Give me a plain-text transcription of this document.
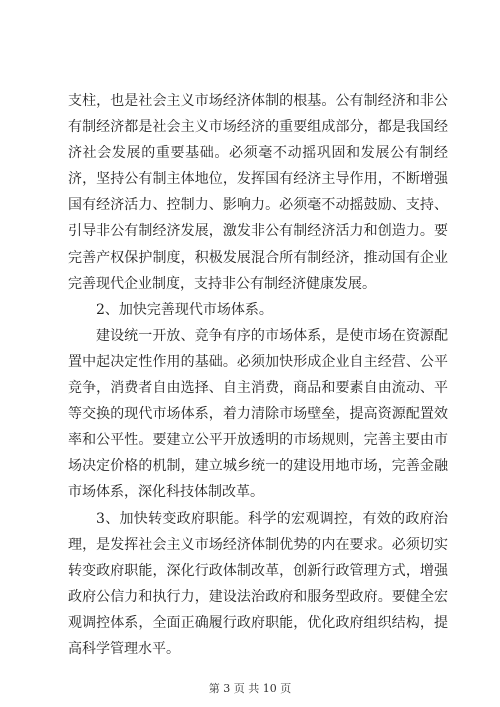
支柱，也是社会主义市场经济体制的根基。公有制经济和非公有制经济都是社会主义市场经济的重要组成部分，都是我国经济社会发展的重要基础。必须毫不动摇巩固和发展公有制经济，坚持公有制主体地位，发挥国有经济主导作用，不断增强国有经济活力、控制力、影响力。必须毫不动摇鼓励、支持、引导非公有制经济发展，激发非公有制经济活力和创造力。要完善产权保护制度，积极发展混合所有制经济，推动国有企业完善现代企业制度，支持非公有制经济健康发展。

2、加快完善现代市场体系。

建设统一开放、竞争有序的市场体系，是使市场在资源配置中起决定性作用的基础。必须加快形成企业自主经营、公平竞争，消费者自由选择、自主消费，商品和要素自由流动、平等交换的现代市场体系，着力清除市场壁垒，提高资源配置效率和公平性。要建立公平开放透明的市场规则，完善主要由市场决定价格的机制，建立城乡统一的建设用地市场，完善金融市场体系，深化科技体制改革。

3、加快转变政府职能。科学的宏观调控，有效的政府治理，是发挥社会主义市场经济体制优势的内在要求。必须切实转变政府职能，深化行政体制改革，创新行政管理方式，增强政府公信力和执行力，建设法治政府和服务型政府。要健全宏观调控体系，全面正确履行政府职能，优化政府组织结构，提高科学管理水平。

第 3 页 共 10 页
